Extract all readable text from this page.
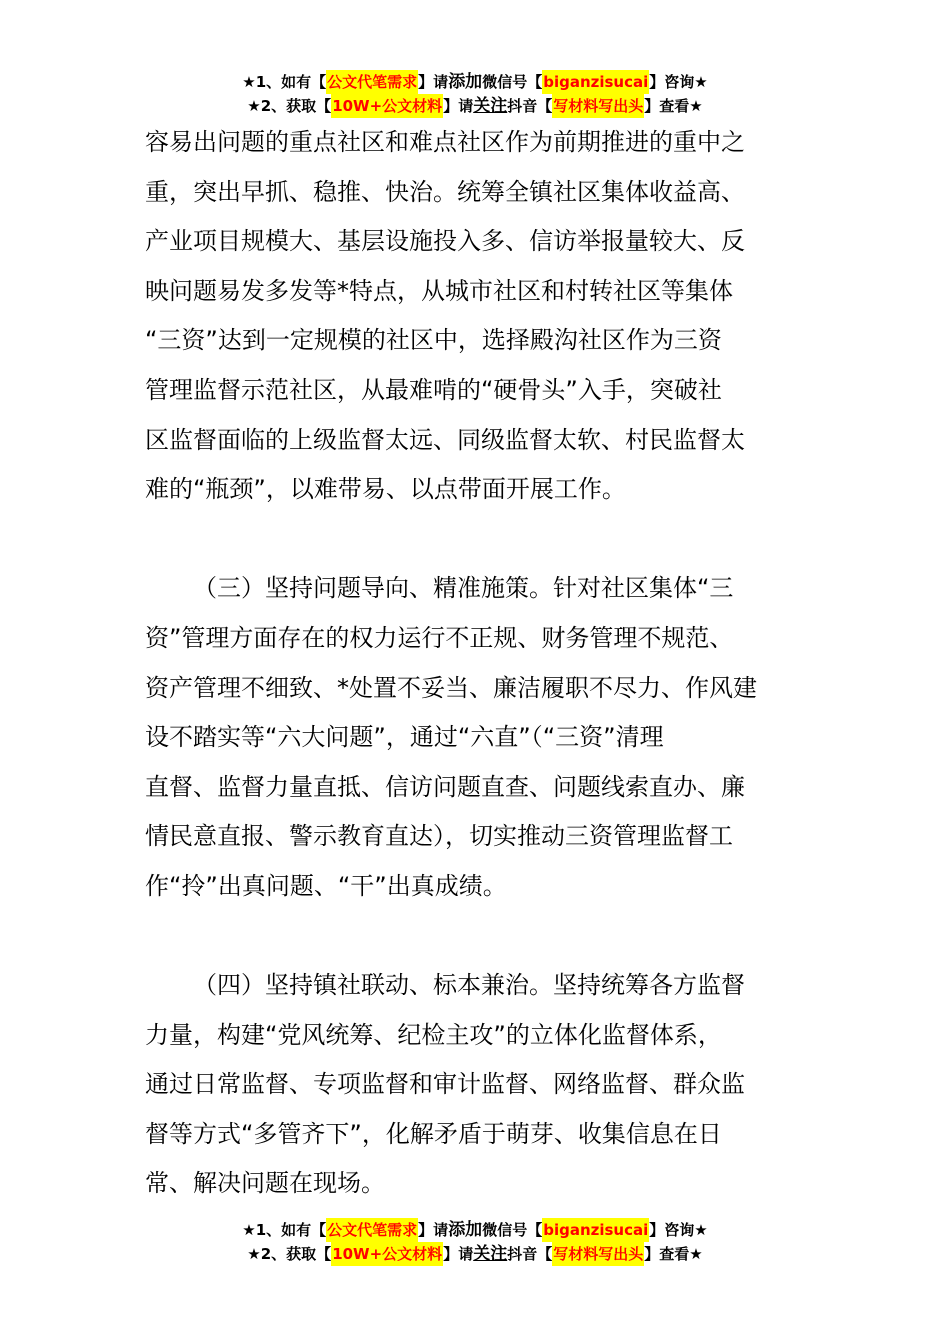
★1、如有【 公文代笔需求 】请 添加 微信号【 biganzisucai 】咨询★
★2、获取【 10W+公文材料 】请 关注 抖音【 写材料写出头 】查看★
容易出问题的重点社区和难点社区作为前期推进的重中之
重，突出早抓、稳推、快治。统筹全镇社区集体收益高、
产业项目规模大、基层设施投入多、信访举报量较大、反
映问题易发多发等*特点，从城市社区和村转社区等集体
“三资”达到一定规模的社区中，选择殿沟社区作为三资
管理监督示范社区，从最难啃的“硬骨头”入手，突破社
区监督面临的上级监督太远、同级监督太软、村民监督太
难的“瓶颈”，以难带易、以点带面开展工作。
（三）坚持问题导向、精准施策。针对社区集体“三
资”管理方面存在的权力运行不正规、财务管理不规范、
资产管理不细致、*处置不妥当、廉洁履职不尽力、作风建
设不踏实等“六大问题”，通过“六直”（“三资”清理
直督、监督力量直抵、信访问题直查、问题线索直办、廉
情民意直报、警示教育直达），切实推动三资管理监督工
作“拎”出真问题、“干”出真成绩。
（四）坚持镇社联动、标本兼治。坚持统筹各方监督
力量，构建“党风统筹、纪检主攻”的立体化监督体系，
通过日常监督、专项监督和审计监督、网络监督、群众监
督等方式“多管齐下”，化解矛盾于萌芽、收集信息在日
常、解决问题在现场。
★1、如有【 公文代笔需求 】请 添加 微信号【 biganzisucai 】咨询★
★2、获取【 10W+公文材料 】请 关注 抖音【 写材料写出头 】查看★
